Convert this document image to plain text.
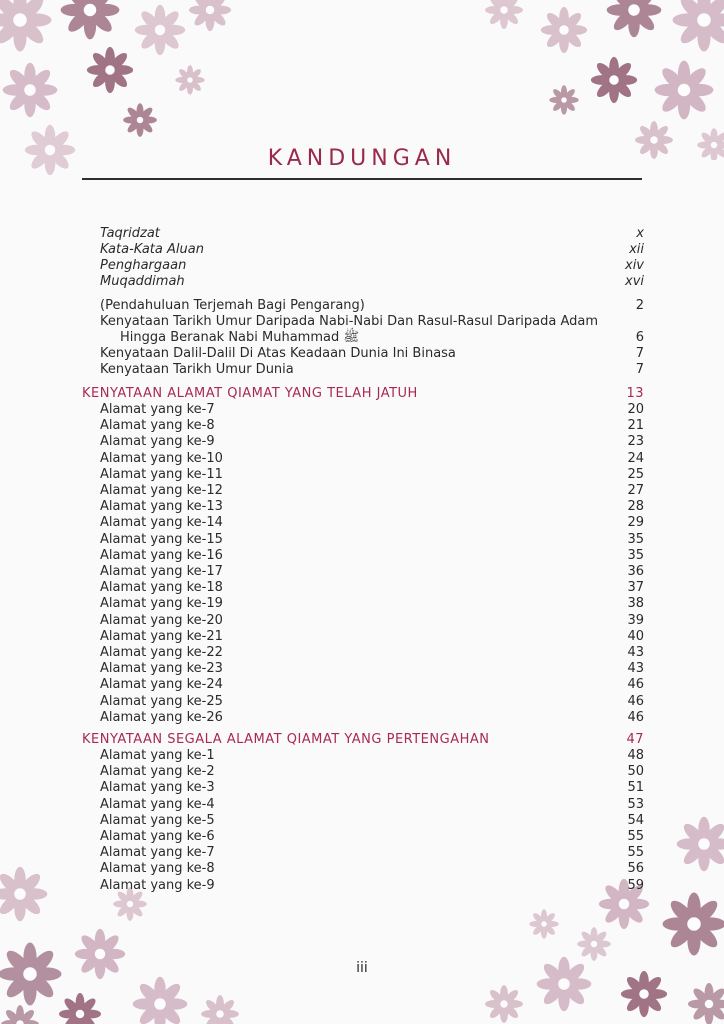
KANDUNGAN
Taqridzat	x
Kata-Kata Aluan	xii
Penghargaan	xiv
Muqaddimah	xvi
(Pendahuluan Terjemah Bagi Pengarang)	2
Kenyataan Tarikh Umur Daripada Nabi-Nabi Dan Rasul-Rasul Daripada Adam
Hingga Beranak Nabi Muhammad ﷺ	6
Kenyataan Dalil-Dalil Di Atas Keadaan Dunia Ini Binasa	7
Kenyataan Tarikh Umur Dunia	7
KENYATAAN ALAMAT QIAMAT YANG TELAH JATUH	13
Alamat yang ke-7	20
Alamat yang ke-8	21
Alamat yang ke-9	23
Alamat yang ke-10	24
Alamat yang ke-11	25
Alamat yang ke-12	27
Alamat yang ke-13	28
Alamat yang ke-14	29
Alamat yang ke-15	35
Alamat yang ke-16	35
Alamat yang ke-17	36
Alamat yang ke-18	37
Alamat yang ke-19	38
Alamat yang ke-20	39
Alamat yang ke-21	40
Alamat yang ke-22	43
Alamat yang ke-23	43
Alamat yang ke-24	46
Alamat yang ke-25	46
Alamat yang ke-26	46
KENYATAAN SEGALA ALAMAT QIAMAT YANG PERTENGAHAN	47
Alamat yang ke-1	48
Alamat yang ke-2	50
Alamat yang ke-3	51
Alamat yang ke-4	53
Alamat yang ke-5	54
Alamat yang ke-6	55
Alamat yang ke-7	55
Alamat yang ke-8	56
Alamat yang ke-9	59
iii
